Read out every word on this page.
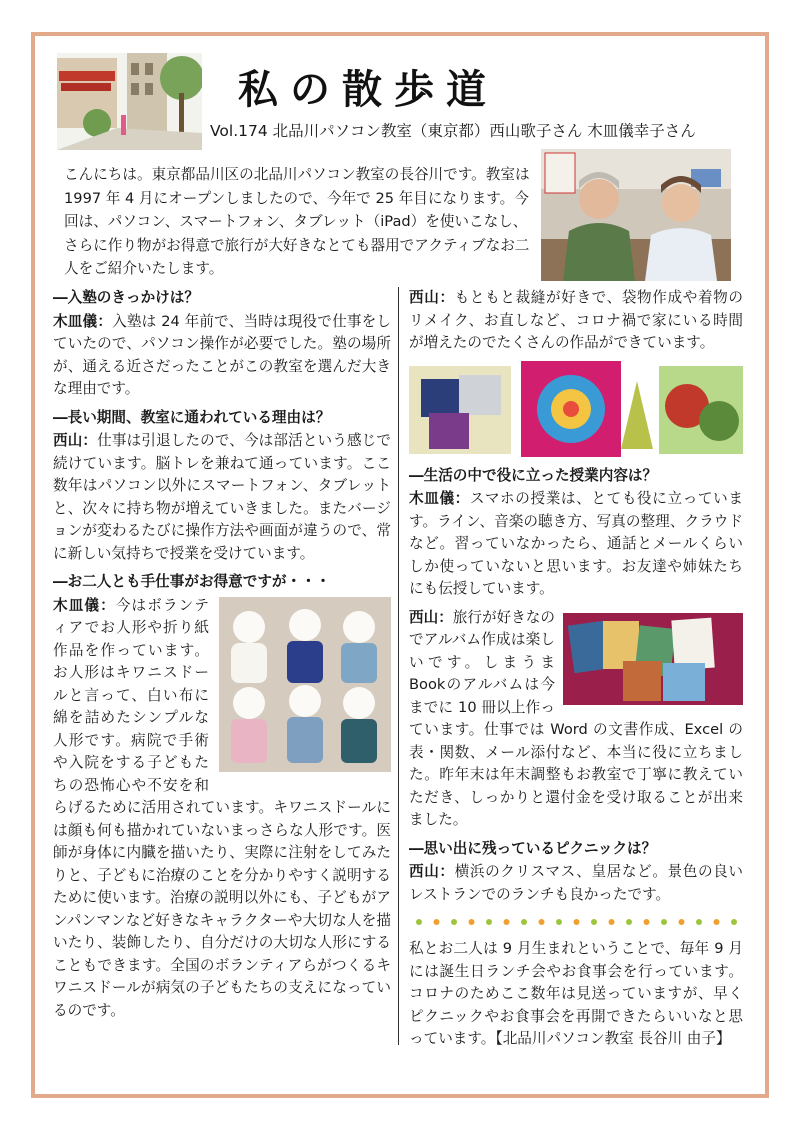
私の散歩道
Vol.174 北品川パソコン教室（東京都）西山歌子さん 木皿儀幸子さん
こんにちは。東京都品川区の北品川パソコン教室の長谷川です。教室は 1997 年 4 月にオープンしましたので、今年で 25 年目になります。今回は、パソコン、スマートフォン、タブレット（iPad）を使いこなし、さらに作り物がお得意で旅行が大好きなとても器用でアクティブなお二人をご紹介いたします。
―入塾のきっかけは？

木皿儀：入塾は 24 年前で、当時は現役で仕事をしていたので、パソコン操作が必要でした。塾の場所が、通える近さだったことがこの教室を選んだ大きな理由です。

―長い期間、教室に通われている理由は？

西山：仕事は引退したので、今は部活という感じで続けています。脳トレを兼ねて通っています。ここ数年はパソコン以外にスマートフォン、タブレットと、次々に持ち物が増えていきました。またバージョンが変わるたびに操作方法や画面が違うので、常に新しい気持ちで授業を受けています。

―お二人とも手仕事がお得意ですが・・・

木皿儀：今はボランティアでお人形や折り紙作品を作っています。お人形はキワニスドールと言って、白い布に綿を詰めたシンプルな人形です。病院で手術や入院をする子どもたちの恐怖心や不安を和らげるために活用されています。キワニスドールには顔も何も描かれていないまっさらな人形です。医師が身体に内臓を描いたり、実際に注射をしてみたりと、子どもに治療のことを分かりやすく説明するために使います。治療の説明以外にも、子どもがアンパンマンなど好きなキャラクターや大切な人を描いたり、装飾したり、自分だけの大切な人形にすることもできます。全国のボランティアらがつくるキワニスドールが病気の子どもたちの支えになっているのです。

西山：もともと裁縫が好きで、袋物作成や着物のリメイク、お直しなど、コロナ禍で家にいる時間が増えたのでたくさんの作品ができています。

―生活の中で役に立った授業内容は？

木皿儀：スマホの授業は、とても役に立っています。ライン、音楽の聴き方、写真の整理、クラウドなど。習っていなかったら、通話とメールくらいしか使っていないと思います。お友達や姉妹たちにも伝授しています。

西山：旅行が好きなのでアルバム作成は楽しいです。しまうまBookのアルバムは今までに 10 冊以上作っています。仕事では Word の文書作成、Excel の表・関数、メール添付など、本当に役に立ちました。昨年末は年末調整もお教室で丁寧に教えていただき、しっかりと還付金を受け取ることが出来ました。

―思い出に残っているピクニックは？

西山：横浜のクリスマス、皇居など。景色の良いレストランでのランチも良かったです。

私とお二人は 9 月生まれということで、毎年 9 月には誕生日ランチ会やお食事会を行っています。コロナのためここ数年は見送っていますが、早くピクニックやお食事会を再開できたらいいなと思っています。【北品川パソコン教室 長谷川 由子】
